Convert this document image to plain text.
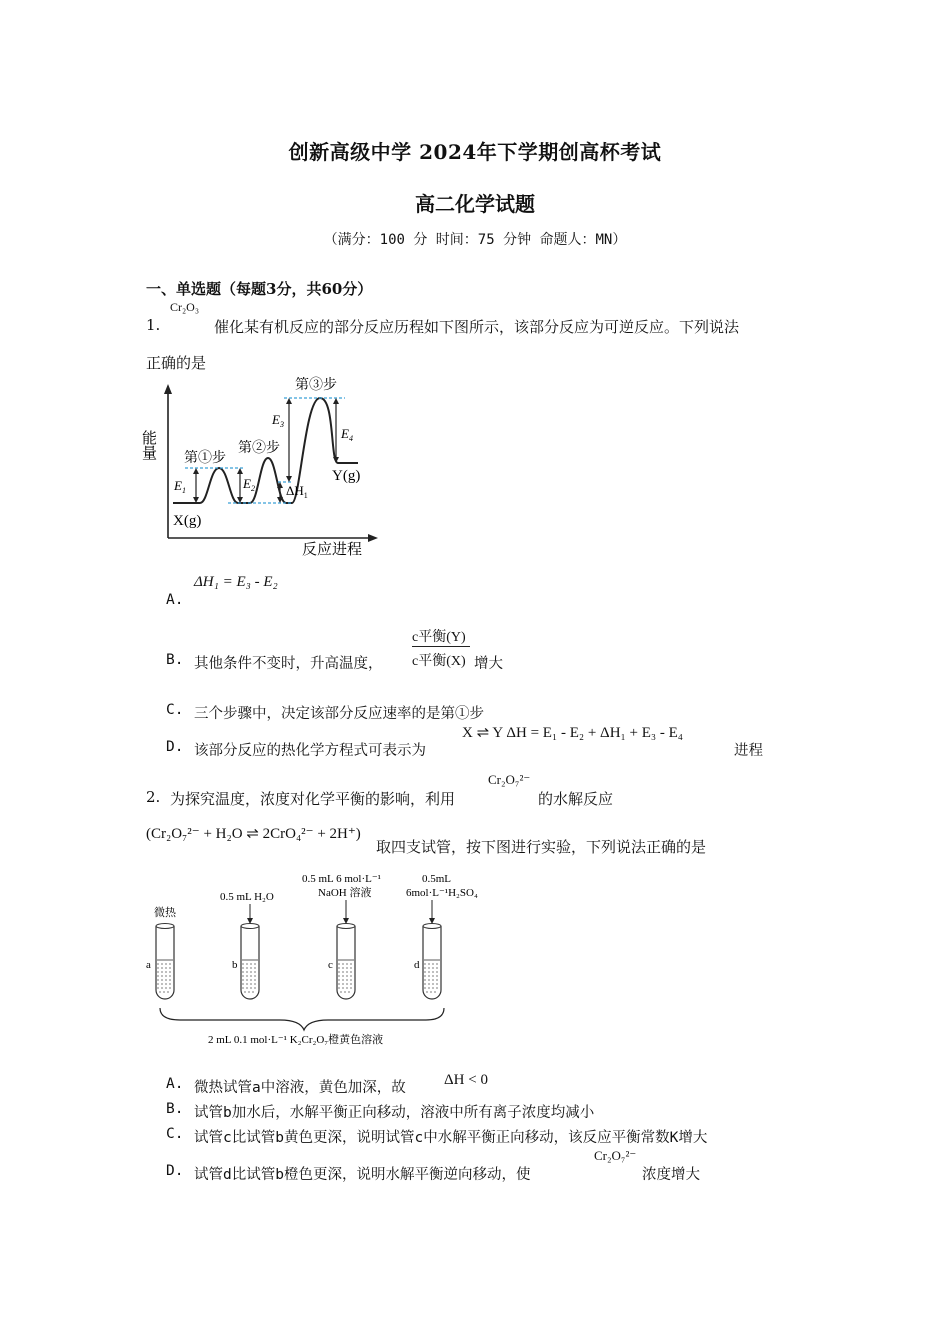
创新高级中学 2024年下学期创高杯考试
高二化学试题
（满分：100 分 时间：75 分钟 命题人：MN）
一、单选题（每题3分，共60分）
1.
Cr₂O₃
催化某有机反应的部分反应历程如下图所示，该部分反应为可逆反应。下列说法
正确的是
能量
反应进程
第①步
第②步
第③步
X(g)
Y(g)
$E_1$	$E_2$
$E_3$
$E_4$
$\Delta H_1$
A.
ΔH₁ = E₃ - E₂
B. 其他条件不变时，升高温度，
c平衡(Y)
c平衡(X) 增大
C. 三个步骤中，决定该部分反应速率的是第①步
D. 该部分反应的热化学方程式可表示为
X ⇌ Y ΔH = E₁ - E₂ + ΔH₁ + E₃ - E₄
进程
2. 为探究温度，浓度对化学平衡的影响，利用
Cr₂O₇²⁻
的水解反应
(Cr₂O₇²⁻ + H₂O ⇌ 2CrO₄²⁻ + 2H⁺)
取四支试管，按下图进行实验，下列说法正确的是
微热
0.5 mL H₂O
0.5 mL 6 mol·L⁻¹
NaOH 溶液
0.5mL
6mol·L⁻¹H₂SO₄
a	b	c	d
2 mL 0.1 mol·L⁻¹ K₂Cr₂O₇橙黄色溶液
A. 微热试管a中溶液，黄色加深，故	ΔH < 0
B. 试管b加水后，水解平衡正向移动，溶液中所有离子浓度均减小
C. 试管c比试管b黄色更深，说明试管c中水解平衡正向移动，该反应平衡常数K增大
D. 试管d比试管b橙色更深，说明水解平衡逆向移动，使
Cr₂O₇²⁻
浓度增大
